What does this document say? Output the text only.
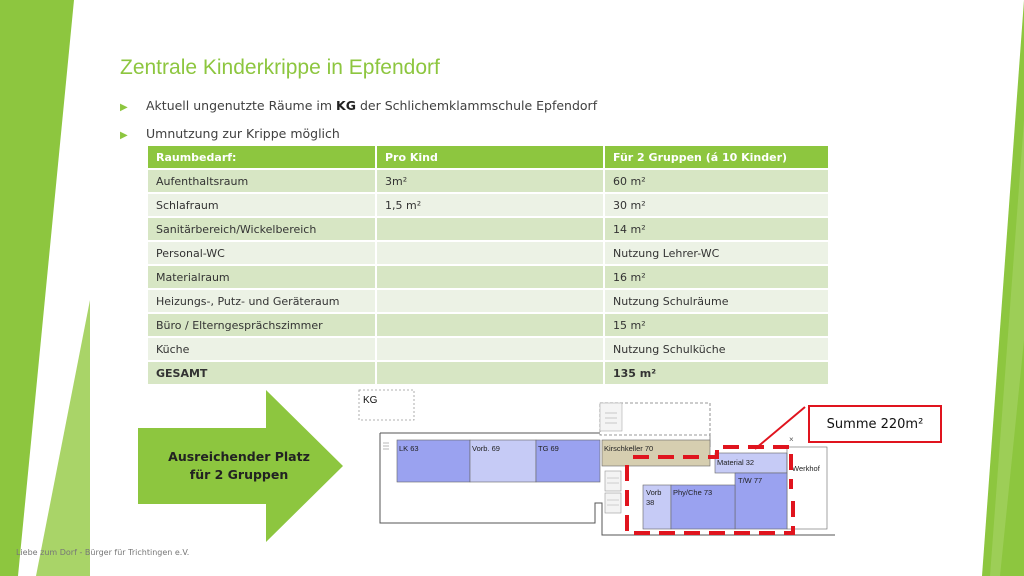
Zentrale Kinderkrippe in Epfendorf
▶ Aktuell ungenutzte Räume im KG der Schlichemklammschule Epfendorf
▶ Umnutzung zur Krippe möglich
Raumbedarf:	Pro Kind	Für 2 Gruppen (á 10 Kinder)
Aufenthaltsraum	3m²	60 m²
Schlafraum	1,5 m²	30 m²
Sanitärbereich/Wickelbereich		14 m²
Personal-WC		Nutzung Lehrer-WC
Materialraum		16 m²
Heizungs-, Putz- und Geräteraum		Nutzung Schulräume
Büro / Elterngesprächszimmer		15 m²
Küche		Nutzung Schulküche
GESAMT		135 m²
Ausreichender Platz
für 2 Gruppen
KG
LK 63	Vorb. 69	TG 69	Kirschkeller 70
Material 32
Werkhof
T/W 77
Vorb
38
Phy/Che 73
×
Summe 220m²
Liebe zum Dorf - Bürger für Trichtingen e.V.
